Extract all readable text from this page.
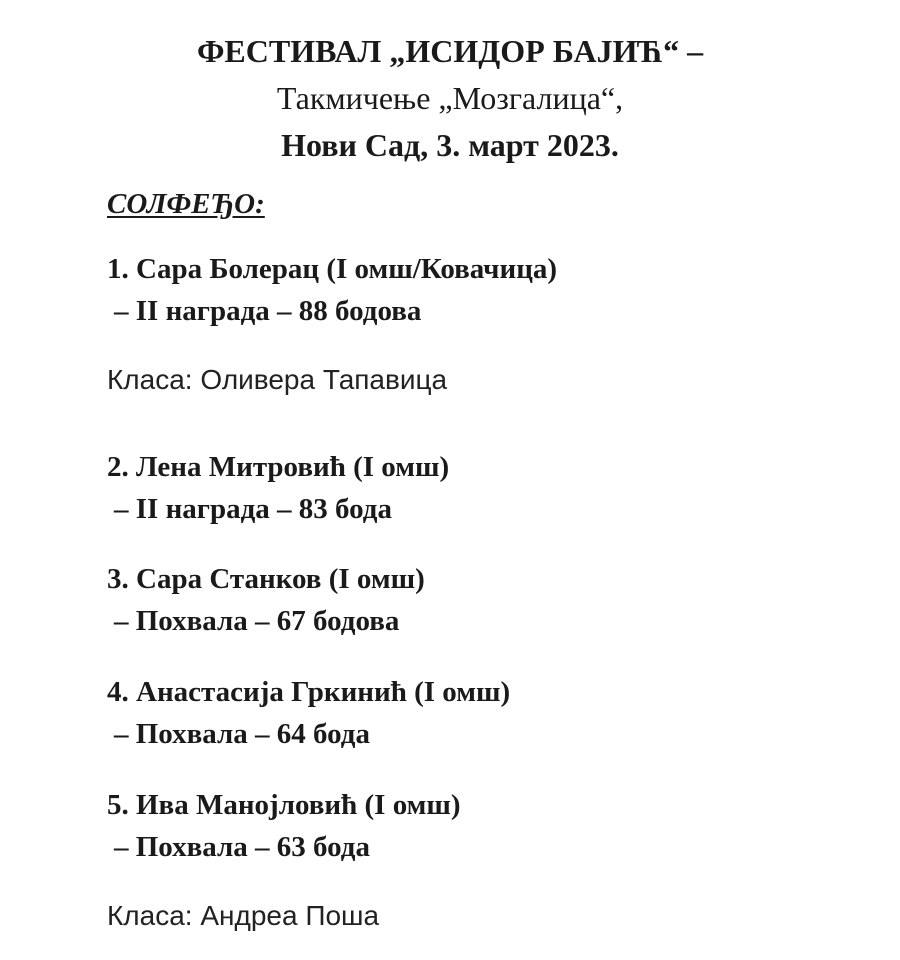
ФЕСТИВАЛ „ИСИДОР БАЈИЋ“ –
Такмичење „Мозгалица“,
Нови Сад, 3. март 2023.
СОЛФЕЂО:
1. Сара Болерац (I омш/Ковачица)
– II награда – 88 бодова
Класа: Оливера Тапавица
2. Лена Митровић (I омш)
– II награда – 83 бода
3. Сара Станков (I омш)
– Похвала – 67 бодова
4. Анастасија Гркинић (I омш)
– Похвала – 64 бода
5. Ива Манојловић (I омш)
– Похвала – 63 бода
Класа: Андреа Поша
